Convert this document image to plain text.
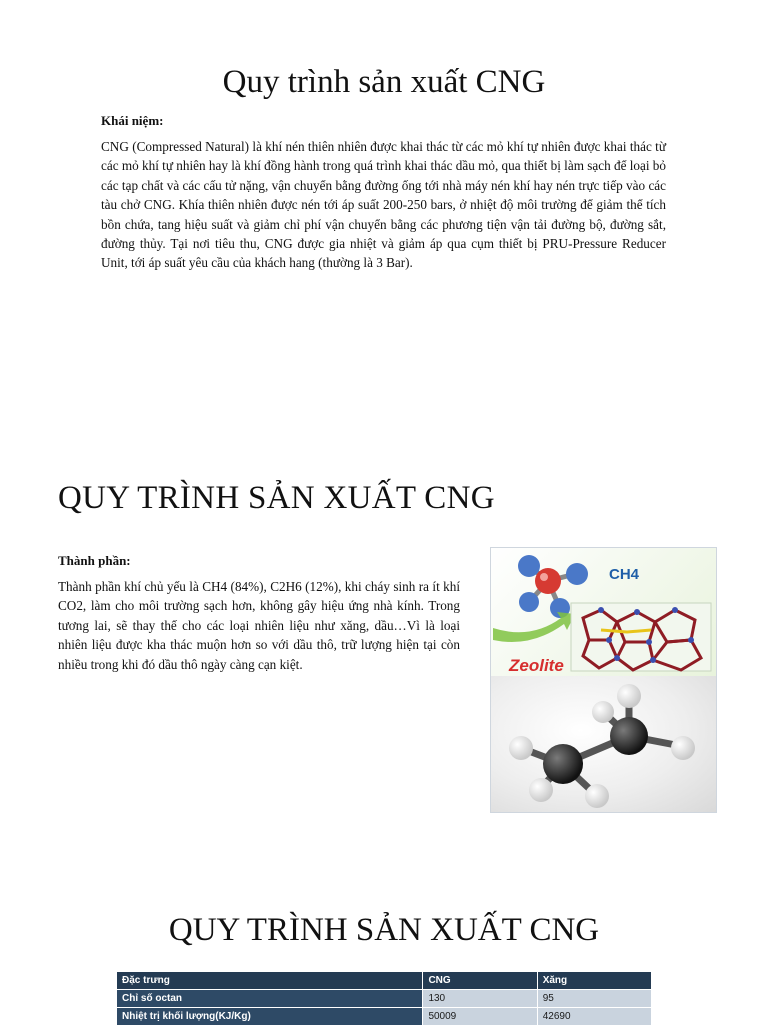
Quy trình sản xuất CNG

Khái niệm:

CNG (Compressed Natural) là khí nén thiên nhiên được khai thác từ các mỏ khí tự nhiên được khai thác từ các mỏ khí tự nhiên hay là khí đồng hành trong quá trình khai thác dầu mỏ, qua thiết bị làm sạch để loại bỏ các tạp chất và các cấu tử nặng, vận chuyển bằng đường ống tới nhà máy nén khí hay nén trực tiếp vào các tàu chở CNG. Khía thiên nhiên được nén tới áp suất 200-250 bars, ở nhiệt độ môi trường để giảm thể tích bồn chứa, tang hiệu suất và giảm chỉ phí vận chuyển bằng các phương tiện vận tải đường bộ, đường sắt, đường thủy. Tại nơi tiêu thu, CNG được gia nhiệt và giảm áp qua cụm thiết bị PRU-Pressure Reducer Unit, tới áp suất yêu cầu của khách hang (thường là 3 Bar).

QUY TRÌNH SẢN XUẤT CNG

Thành phần:

Thành phần khí chủ yếu là CH4 (84%), C2H6 (12%), khi cháy sinh ra ít khí CO2, làm cho môi trường sạch hơn, không gây hiệu ứng nhà kính. Trong tương lai, sẽ thay thế cho các loại nhiên liệu như xăng, dầu…Vì là loại nhiên liệu được kha thác muộn hơn so với dầu thô, trữ lượng hiện tại còn nhiều trong khi đó dầu thô ngày càng cạn kiệt.

CH4
Zeolite
QUY TRÌNH SẢN XUẤT CNG
Đặc trưng	CNG	Xăng
Chỉ số octan	130	95
Nhiệt trị khối lượng(KJ/Kg)	50009	42690
